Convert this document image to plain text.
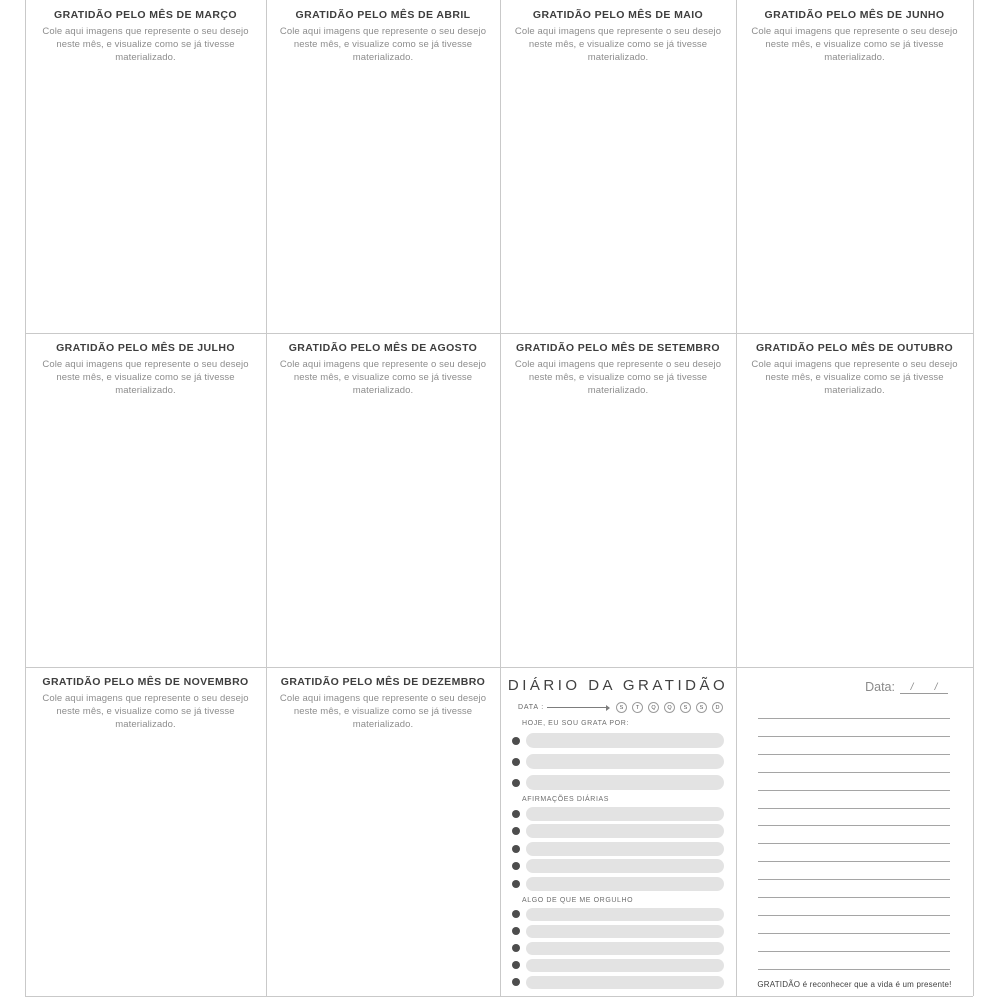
GRATIDÃO PELO MÊS DE MARÇO
Cole aqui imagens que represente o seu desejo neste mês, e visualize como se já tivesse materializado.
GRATIDÃO PELO MÊS DE ABRIL
Cole aqui imagens que represente o seu desejo neste mês, e visualize como se já tivesse materializado.
GRATIDÃO PELO MÊS DE MAIO
Cole aqui imagens que represente o seu desejo neste mês, e visualize como se já tivesse materializado.
GRATIDÃO PELO MÊS DE JUNHO
Cole aqui imagens que represente o seu desejo neste mês, e visualize como se já tivesse materializado.
GRATIDÃO PELO MÊS DE JULHO
Cole aqui imagens que represente o seu desejo neste mês, e visualize como se já tivesse materializado.
GRATIDÃO PELO MÊS DE AGOSTO
Cole aqui imagens que represente o seu desejo neste mês, e visualize como se já tivesse materializado.
GRATIDÃO PELO MÊS DE SETEMBRO
Cole aqui imagens que represente o seu desejo neste mês, e visualize como se já tivesse materializado.
GRATIDÃO PELO MÊS DE OUTUBRO
Cole aqui imagens que represente o seu desejo neste mês, e visualize como se já tivesse materializado.
GRATIDÃO PELO MÊS DE NOVEMBRO
Cole aqui imagens que represente o seu desejo neste mês, e visualize como se já tivesse materializado.
GRATIDÃO PELO MÊS DE DEZEMBRO
Cole aqui imagens que represente o seu desejo neste mês, e visualize como se já tivesse materializado.
DIÁRIO DA GRATIDÃO
DATA :	S	T	Q	Q	S	S	D
HOJE, EU SOU GRATA POR:
AFIRMAÇÕES DIÁRIAS
ALGO DE QUE ME ORGULHO
Data: / /
GRATIDÃO é reconhecer que a vida é um presente!
